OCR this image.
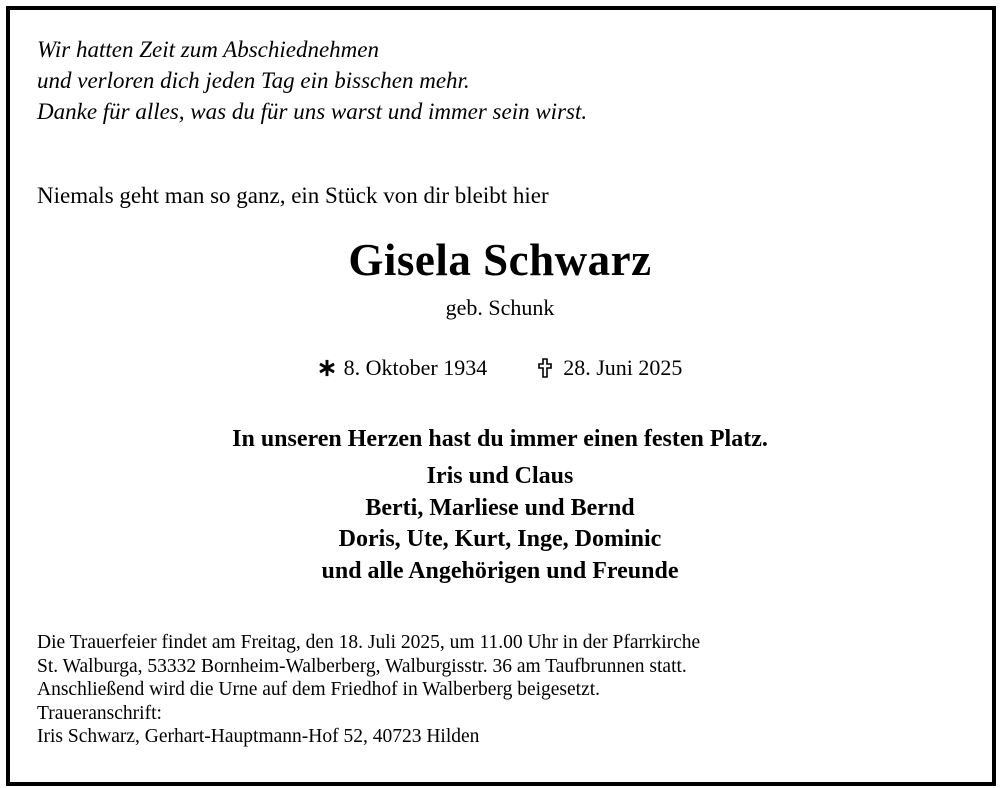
Wir hatten Zeit zum Abschiednehmen
und verloren dich jeden Tag ein bisschen mehr.
Danke für alles, was du für uns warst und immer sein wirst.
Niemals geht man so ganz, ein Stück von dir bleibt hier
Gisela Schwarz
geb. Schunk
8. Oktober 1934	28. Juni 2025
In unseren Herzen hast du immer einen festen Platz.
Iris und Claus
Berti, Marliese und Bernd
Doris, Ute, Kurt, Inge, Dominic
und alle Angehörigen und Freunde
Die Trauerfeier findet am Freitag, den 18. Juli 2025, um 11.00 Uhr in der Pfarrkirche
St. Walburga, 53332 Bornheim-Walberberg, Walburgisstr. 36 am Taufbrunnen statt.
Anschließend wird die Urne auf dem Friedhof in Walberberg beigesetzt.
Traueranschrift:
Iris Schwarz, Gerhart-Hauptmann-Hof 52, 40723 Hilden
